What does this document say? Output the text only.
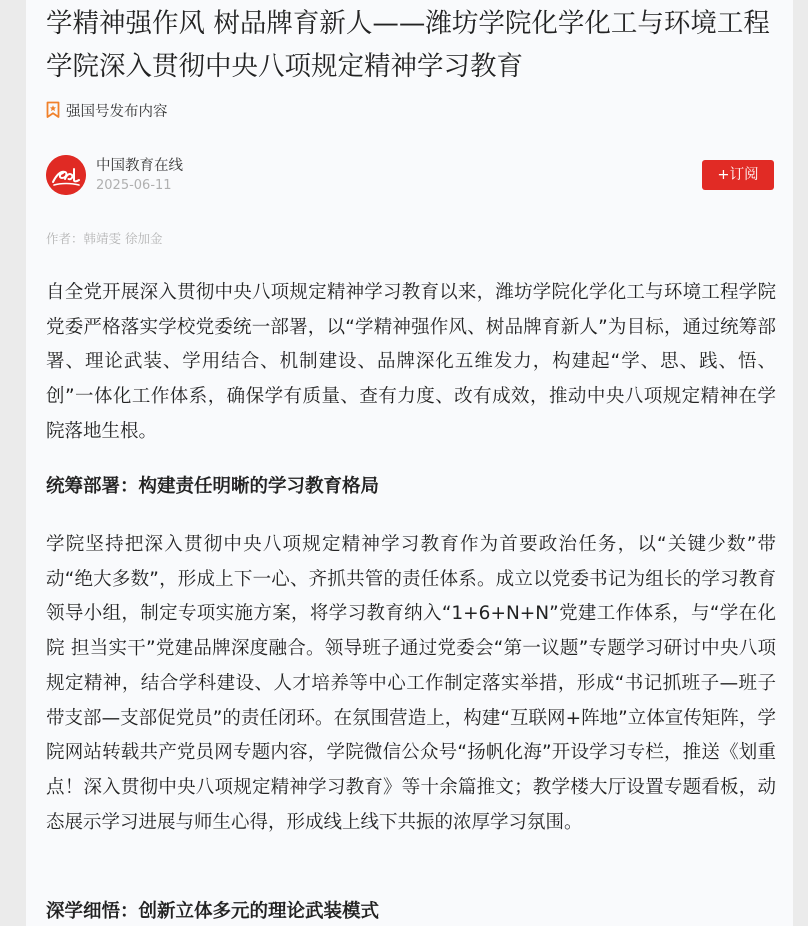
学精神强作风 树品牌育新人——潍坊学院化学化工与环境工程学院深入贯彻中央八项规定精神学习教育
强国号发布内容
中国教育在线
2025-06-11
+订阅
作者：韩靖雯 徐加金

自全党开展深入贯彻中央八项规定精神学习教育以来，潍坊学院化学化工与环境工程学院党委严格落实学校党委统一部署，以“学精神强作风、树品牌育新人”为目标，通过统筹部署、理论武装、学用结合、机制建设、品牌深化五维发力，构建起“学、思、践、悟、创”一体化工作体系，确保学有质量、查有力度、改有成效，推动中央八项规定精神在学院落地生根。

统筹部署：构建责任明晰的学习教育格局

学院坚持把深入贯彻中央八项规定精神学习教育作为首要政治任务，以“关键少数”带动“绝大多数”，形成上下一心、齐抓共管的责任体系。成立以党委书记为组长的学习教育领导小组，制定专项实施方案，将学习教育纳入“1+6+N+N”党建工作体系，与“学在化院 担当实干”党建品牌深度融合。领导班子通过党委会“第一议题”专题学习研讨中央八项规定精神，结合学科建设、人才培养等中心工作制定落实举措，形成“书记抓班子—班子带支部—支部促党员”的责任闭环。在氛围营造上，构建“互联网+阵地”立体宣传矩阵，学院网站转载共产党员网专题内容，学院微信公众号“扬帆化海”开设学习专栏，推送《划重点！深入贯彻中央八项规定精神学习教育》等十余篇推文；教学楼大厅设置专题看板，动态展示学习进展与师生心得，形成线上线下共振的浓厚学习氛围。

深学细悟：创新立体多元的理论武装模式
